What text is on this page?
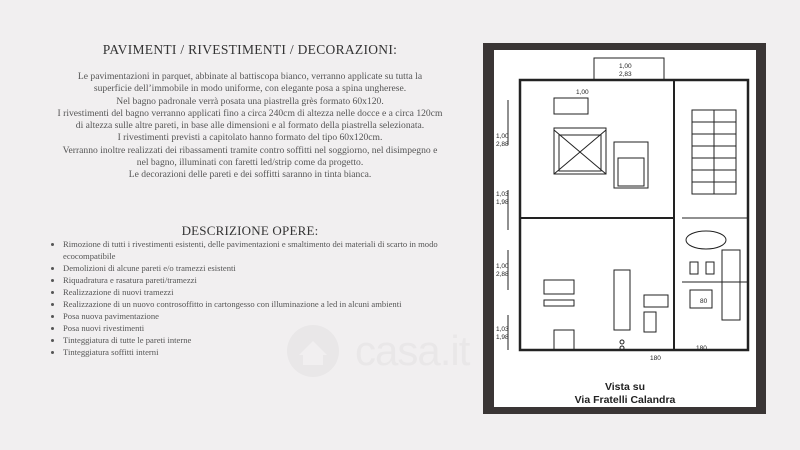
PAVIMENTI / RIVESTIMENTI / DECORAZIONI:
Le pavimentazioni in parquet, abbinate al battiscopa bianco, verranno applicate su tutta la
superficie dell’immobile in modo uniforme, con elegante posa a spina ungherese.
Nel bagno padronale verrà posata una piastrella grès formato 60x120.
I rivestimenti del bagno verranno applicati fino a circa 240cm di altezza nelle docce e a circa 120cm
di altezza sulle altre pareti, in base alle dimensioni e al formato della piastrella selezionata.
I rivestimenti previsti a capitolato hanno formato del tipo 60x120cm.
Verranno inoltre realizzati dei ribassamenti tramite contro soffitti nel soggiorno, nel disimpegno e
nel bagno, illuminati con faretti led/strip come da progetto.
Le decorazioni delle pareti e dei soffitti saranno in tinta bianca.
DESCRIZIONE OPERE:
• Rimozione di tutti i rivestimenti esistenti, delle pavimentazioni e smaltimento dei materiali di scarto in modo ecocompatibile
• Demolizioni di alcune pareti e/o tramezzi esistenti
• Riquadratura e rasatura pareti/tramezzi
• Realizzazione di nuovi tramezzi
• Realizzazione di un nuovo controsoffitto in cartongesso con illuminazione a led in alcuni ambienti
• Posa nuova pavimentazione
• Posa nuovi rivestimenti
• Tinteggiatura di tutte le pareti interne
• Tinteggiatura soffitti interni
1,00
2,83
1,00
1,00
2,88
1,03
1,98
1,00
2,88
1,03
1,98
80
180
180
Vista su
Via Fratelli Calandra
casa.it
